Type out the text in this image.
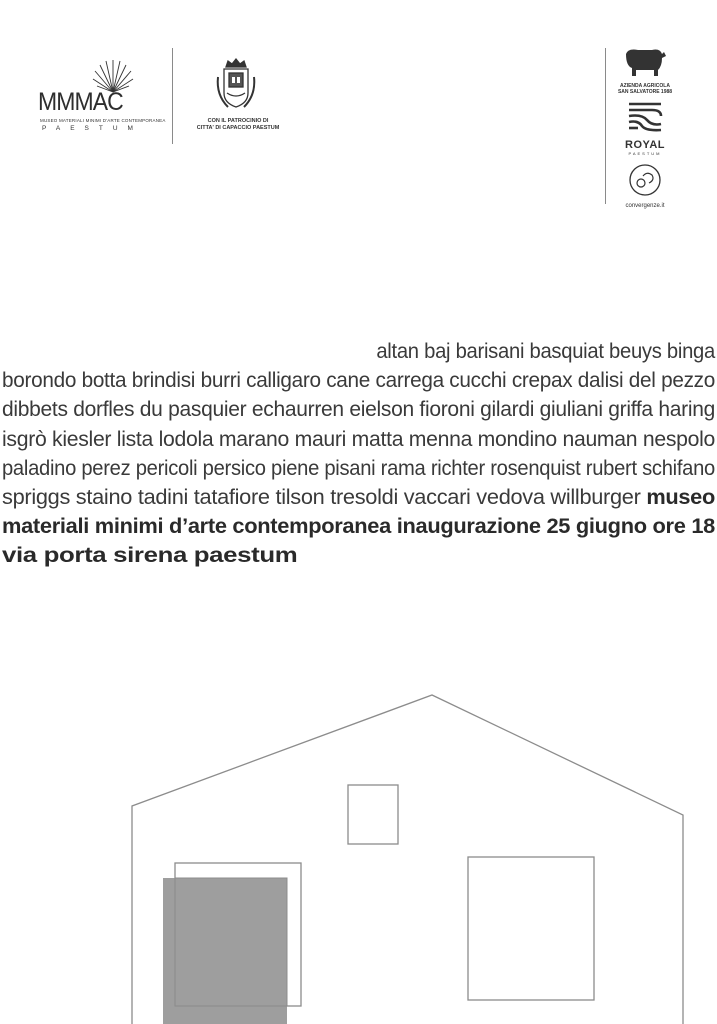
MMMAC
MUSEO MATERIALI MINIMI D'ARTE CONTEMPORANEA
PAESTUM
CON IL PATROCINIO DI
CITTA' DI CAPACCIO PAESTUM
AZIENDA AGRICOLA
SAN SALVATORE 1988
ROYAL
PAESTUM
convergenze.it
altan baj barisani basquiat beuys binga
borondo botta brindisi burri calligaro cane carrega cucchi crepax dalisi del pezzo
dibbets dorfles du pasquier echaurren eielson fioroni gilardi giuliani griffa haring
isgrò kiesler lista lodola marano mauri matta menna mondino nauman nespolo
paladino perez pericoli persico piene pisani rama richter rosenquist rubert schifano
spriggs staino tadini tatafiore tilson tresoldi vaccari vedova willburger museo
materiali minimi d’arte contemporanea inaugurazione 25 giugno ore 18
via porta sirena paestum
